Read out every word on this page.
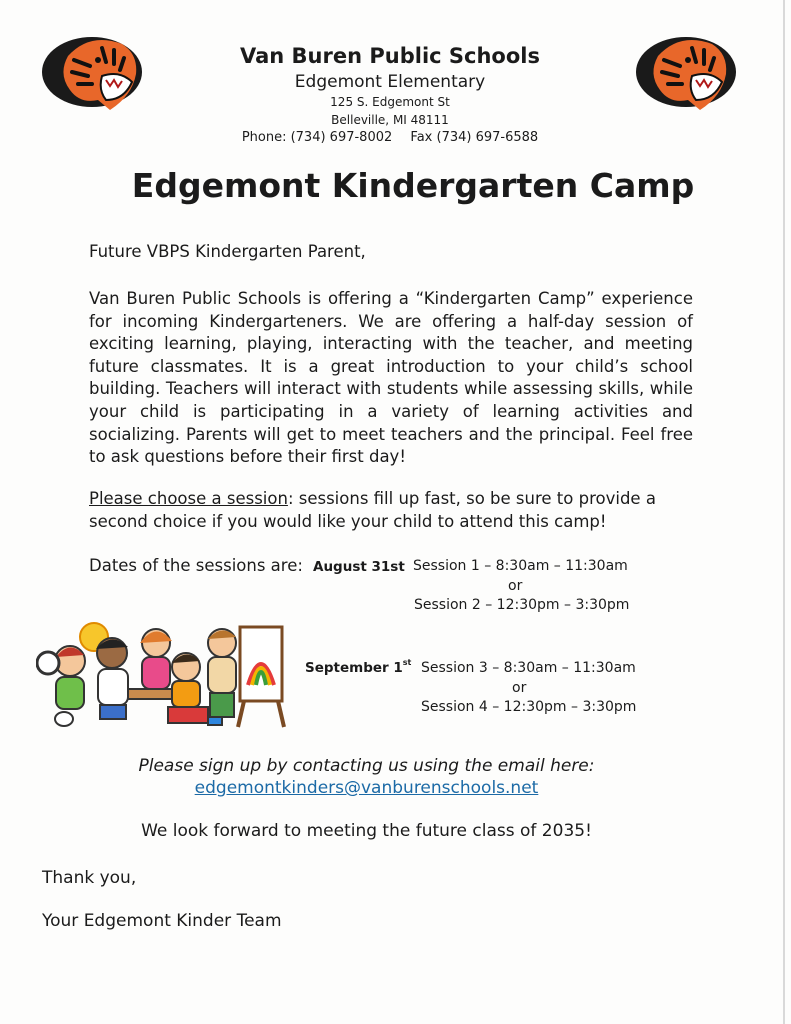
Van Buren Public Schools
Edgemont Elementary
125 S. Edgemont St
Belleville, MI 48111
Phone: (734) 697-8002 Fax (734) 697-6588
Edgemont Kindergarten Camp
Future VBPS Kindergarten Parent,
Van Buren Public Schools is offering a “Kindergarten Camp” experience for incoming Kindergarteners. We are offering a half-day session of exciting learning, playing, interacting with the teacher, and meeting future classmates. It is a great introduction to your child’s school building. Teachers will interact with students while assessing skills, while your child is participating in a variety of learning activities and socializing. Parents will get to meet teachers and the principal. Feel free to ask questions before their first day!
Please choose a session: sessions fill up fast, so be sure to provide a second choice if you would like your child to attend this camp!
Dates of the sessions are: August 31st Session 1 – 8:30am – 11:30am
or
Session 2 – 12:30pm – 3:30pm
September 1st Session 3 – 8:30am – 11:30am
or
Session 4 – 12:30pm – 3:30pm
Please sign up by contacting us using the email here:
edgemontkinders@vanburenschools.net
We look forward to meeting the future class of 2035!
Thank you,
Your Edgemont Kinder Team
